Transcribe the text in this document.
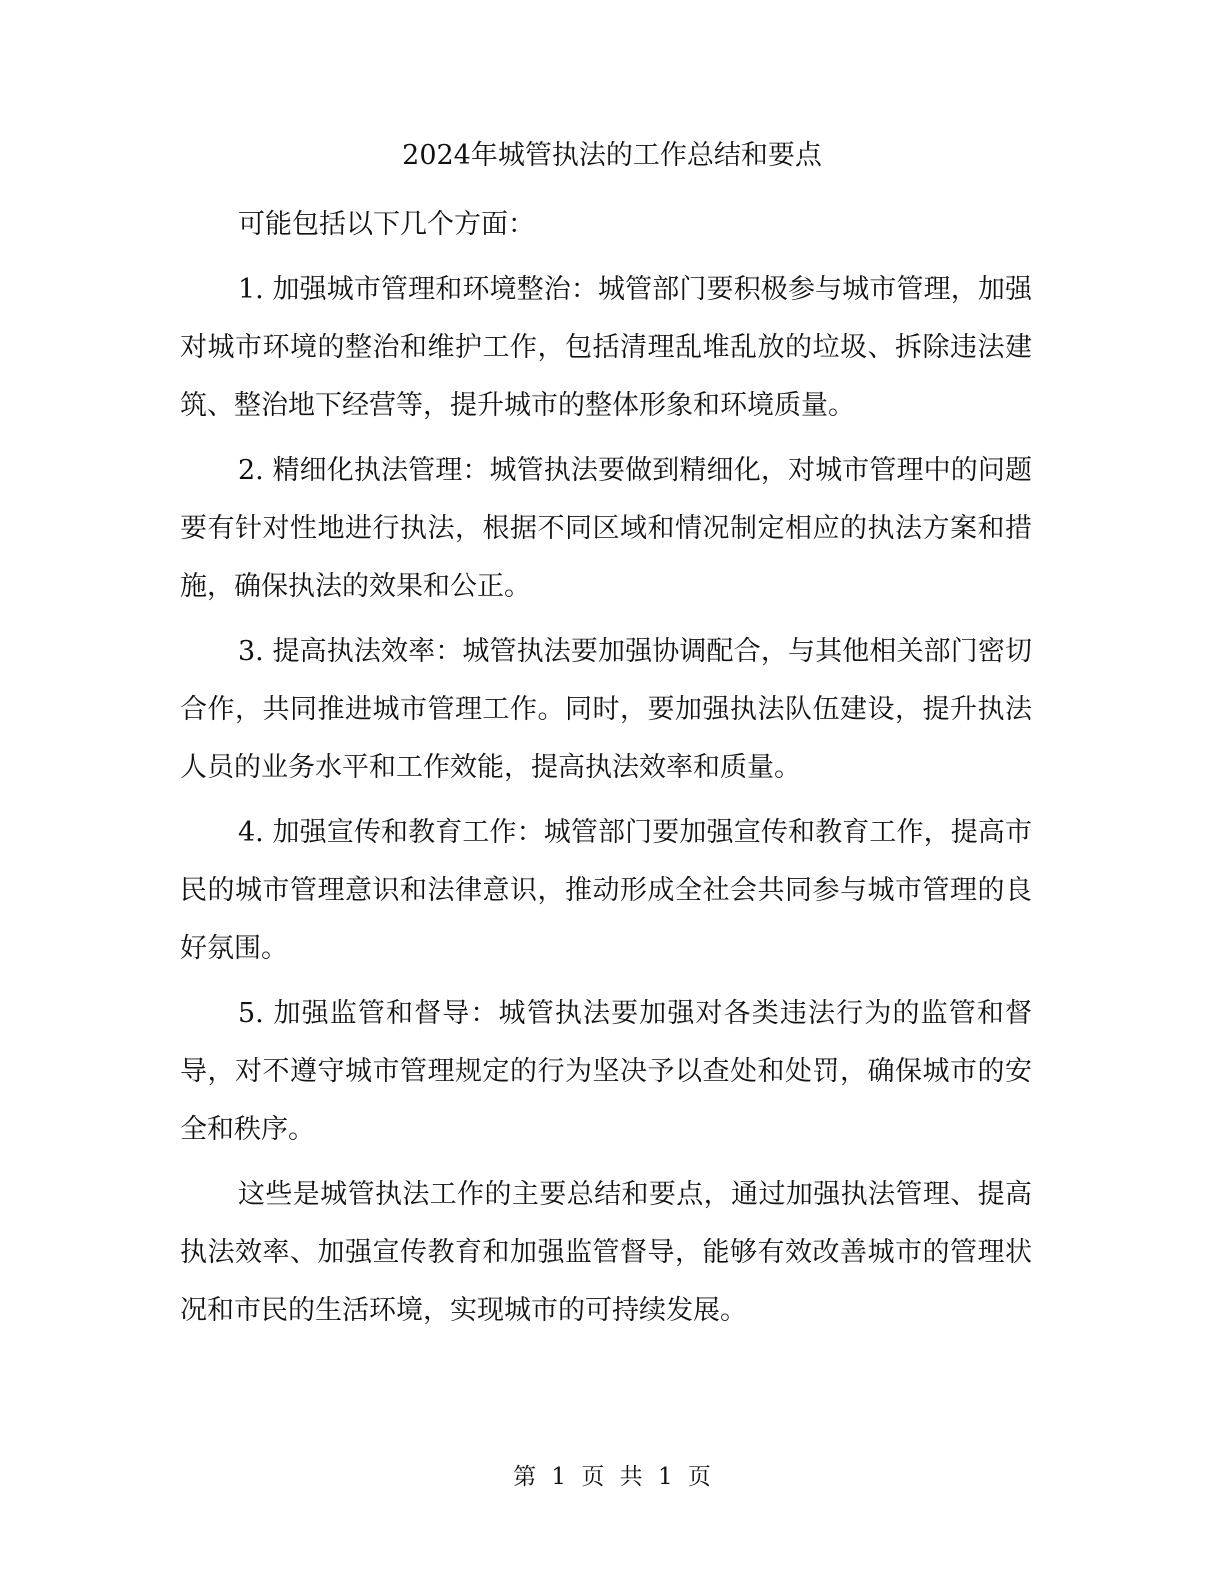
2024年城管执法的工作总结和要点

可能包括以下几个方面：

1. 加强城市管理和环境整治：城管部门要积极参与城市管理，加强对城市环境的整治和维护工作，包括清理乱堆乱放的垃圾、拆除违法建筑、整治地下经营等，提升城市的整体形象和环境质量。

2. 精细化执法管理：城管执法要做到精细化，对城市管理中的问题要有针对性地进行执法，根据不同区域和情况制定相应的执法方案和措施，确保执法的效果和公正。

3. 提高执法效率：城管执法要加强协调配合，与其他相关部门密切合作，共同推进城市管理工作。同时，要加强执法队伍建设，提升执法人员的业务水平和工作效能，提高执法效率和质量。

4. 加强宣传和教育工作：城管部门要加强宣传和教育工作，提高市民的城市管理意识和法律意识，推动形成全社会共同参与城市管理的良好氛围。

5. 加强监管和督导：城管执法要加强对各类违法行为的监管和督导，对不遵守城市管理规定的行为坚决予以查处和处罚，确保城市的安全和秩序。

这些是城管执法工作的主要总结和要点，通过加强执法管理、提高执法效率、加强宣传教育和加强监管督导，能够有效改善城市的管理状况和市民的生活环境，实现城市的可持续发展。

第 1 页 共 1 页
